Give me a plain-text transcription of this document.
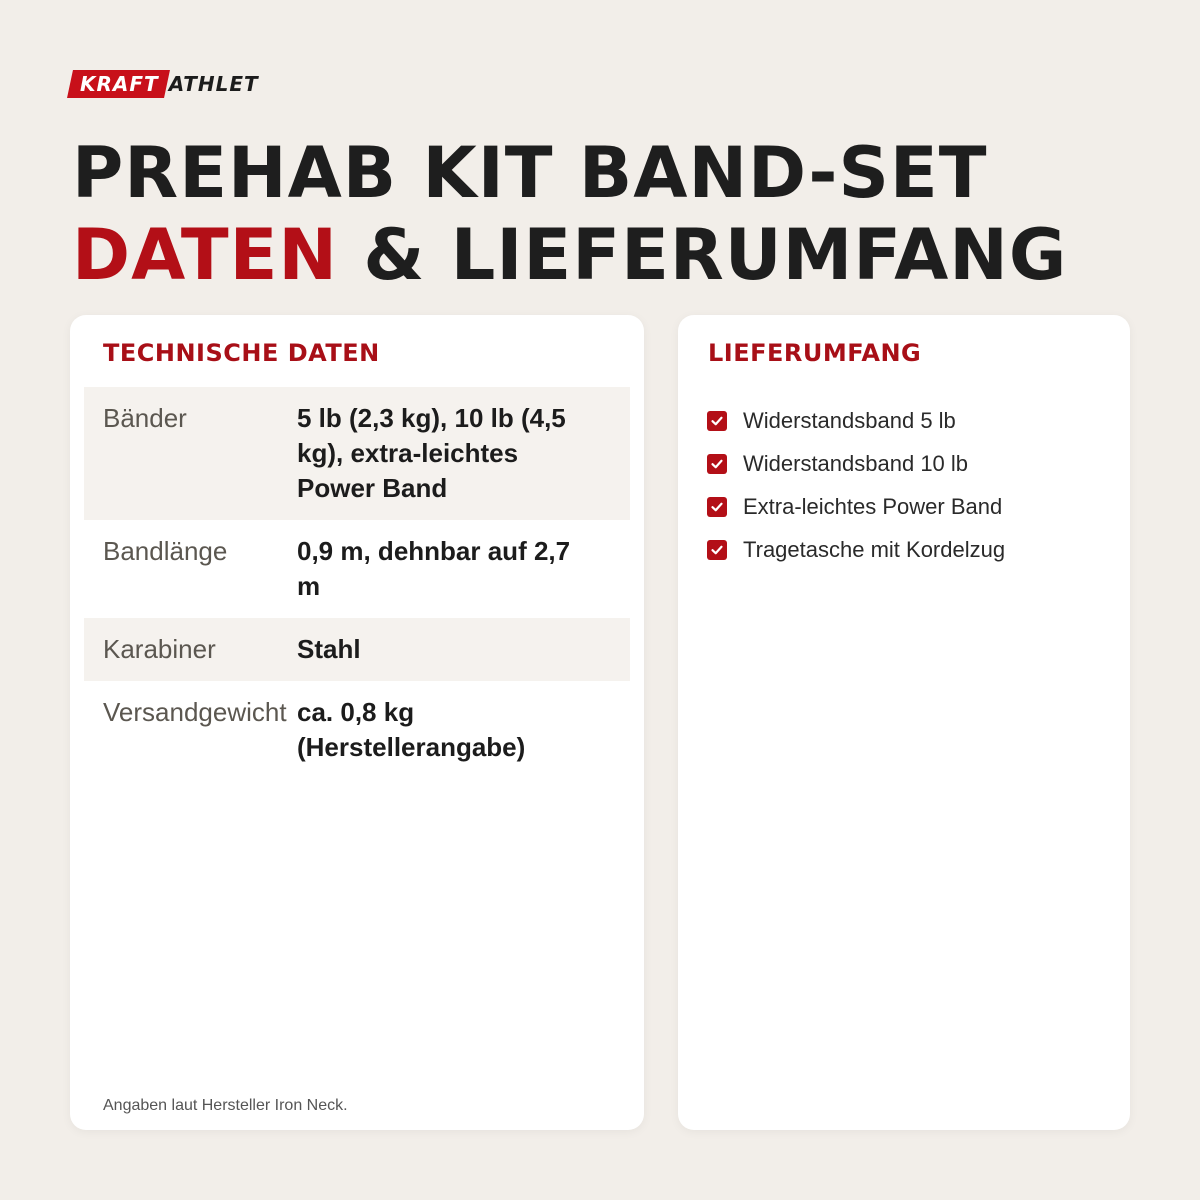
KRAFT ATHLET
PREHAB KIT BAND-SET
DATEN & LIEFERUMFANG
TECHNISCHE DATEN
Bänder	5 lb (2,3 kg), 10 lb (4,5 kg), extra-leichtes Power Band
Bandlänge	0,9 m, dehnbar auf 2,7 m
Karabiner	Stahl
Versandgewicht ca. 0,8 kg (Herstellerangabe)

Angaben laut Hersteller Iron Neck.

LIEFERUMFANG
Widerstandsband 5 lb
Widerstandsband 10 lb
Extra-leichtes Power Band
Tragetasche mit Kordelzug
